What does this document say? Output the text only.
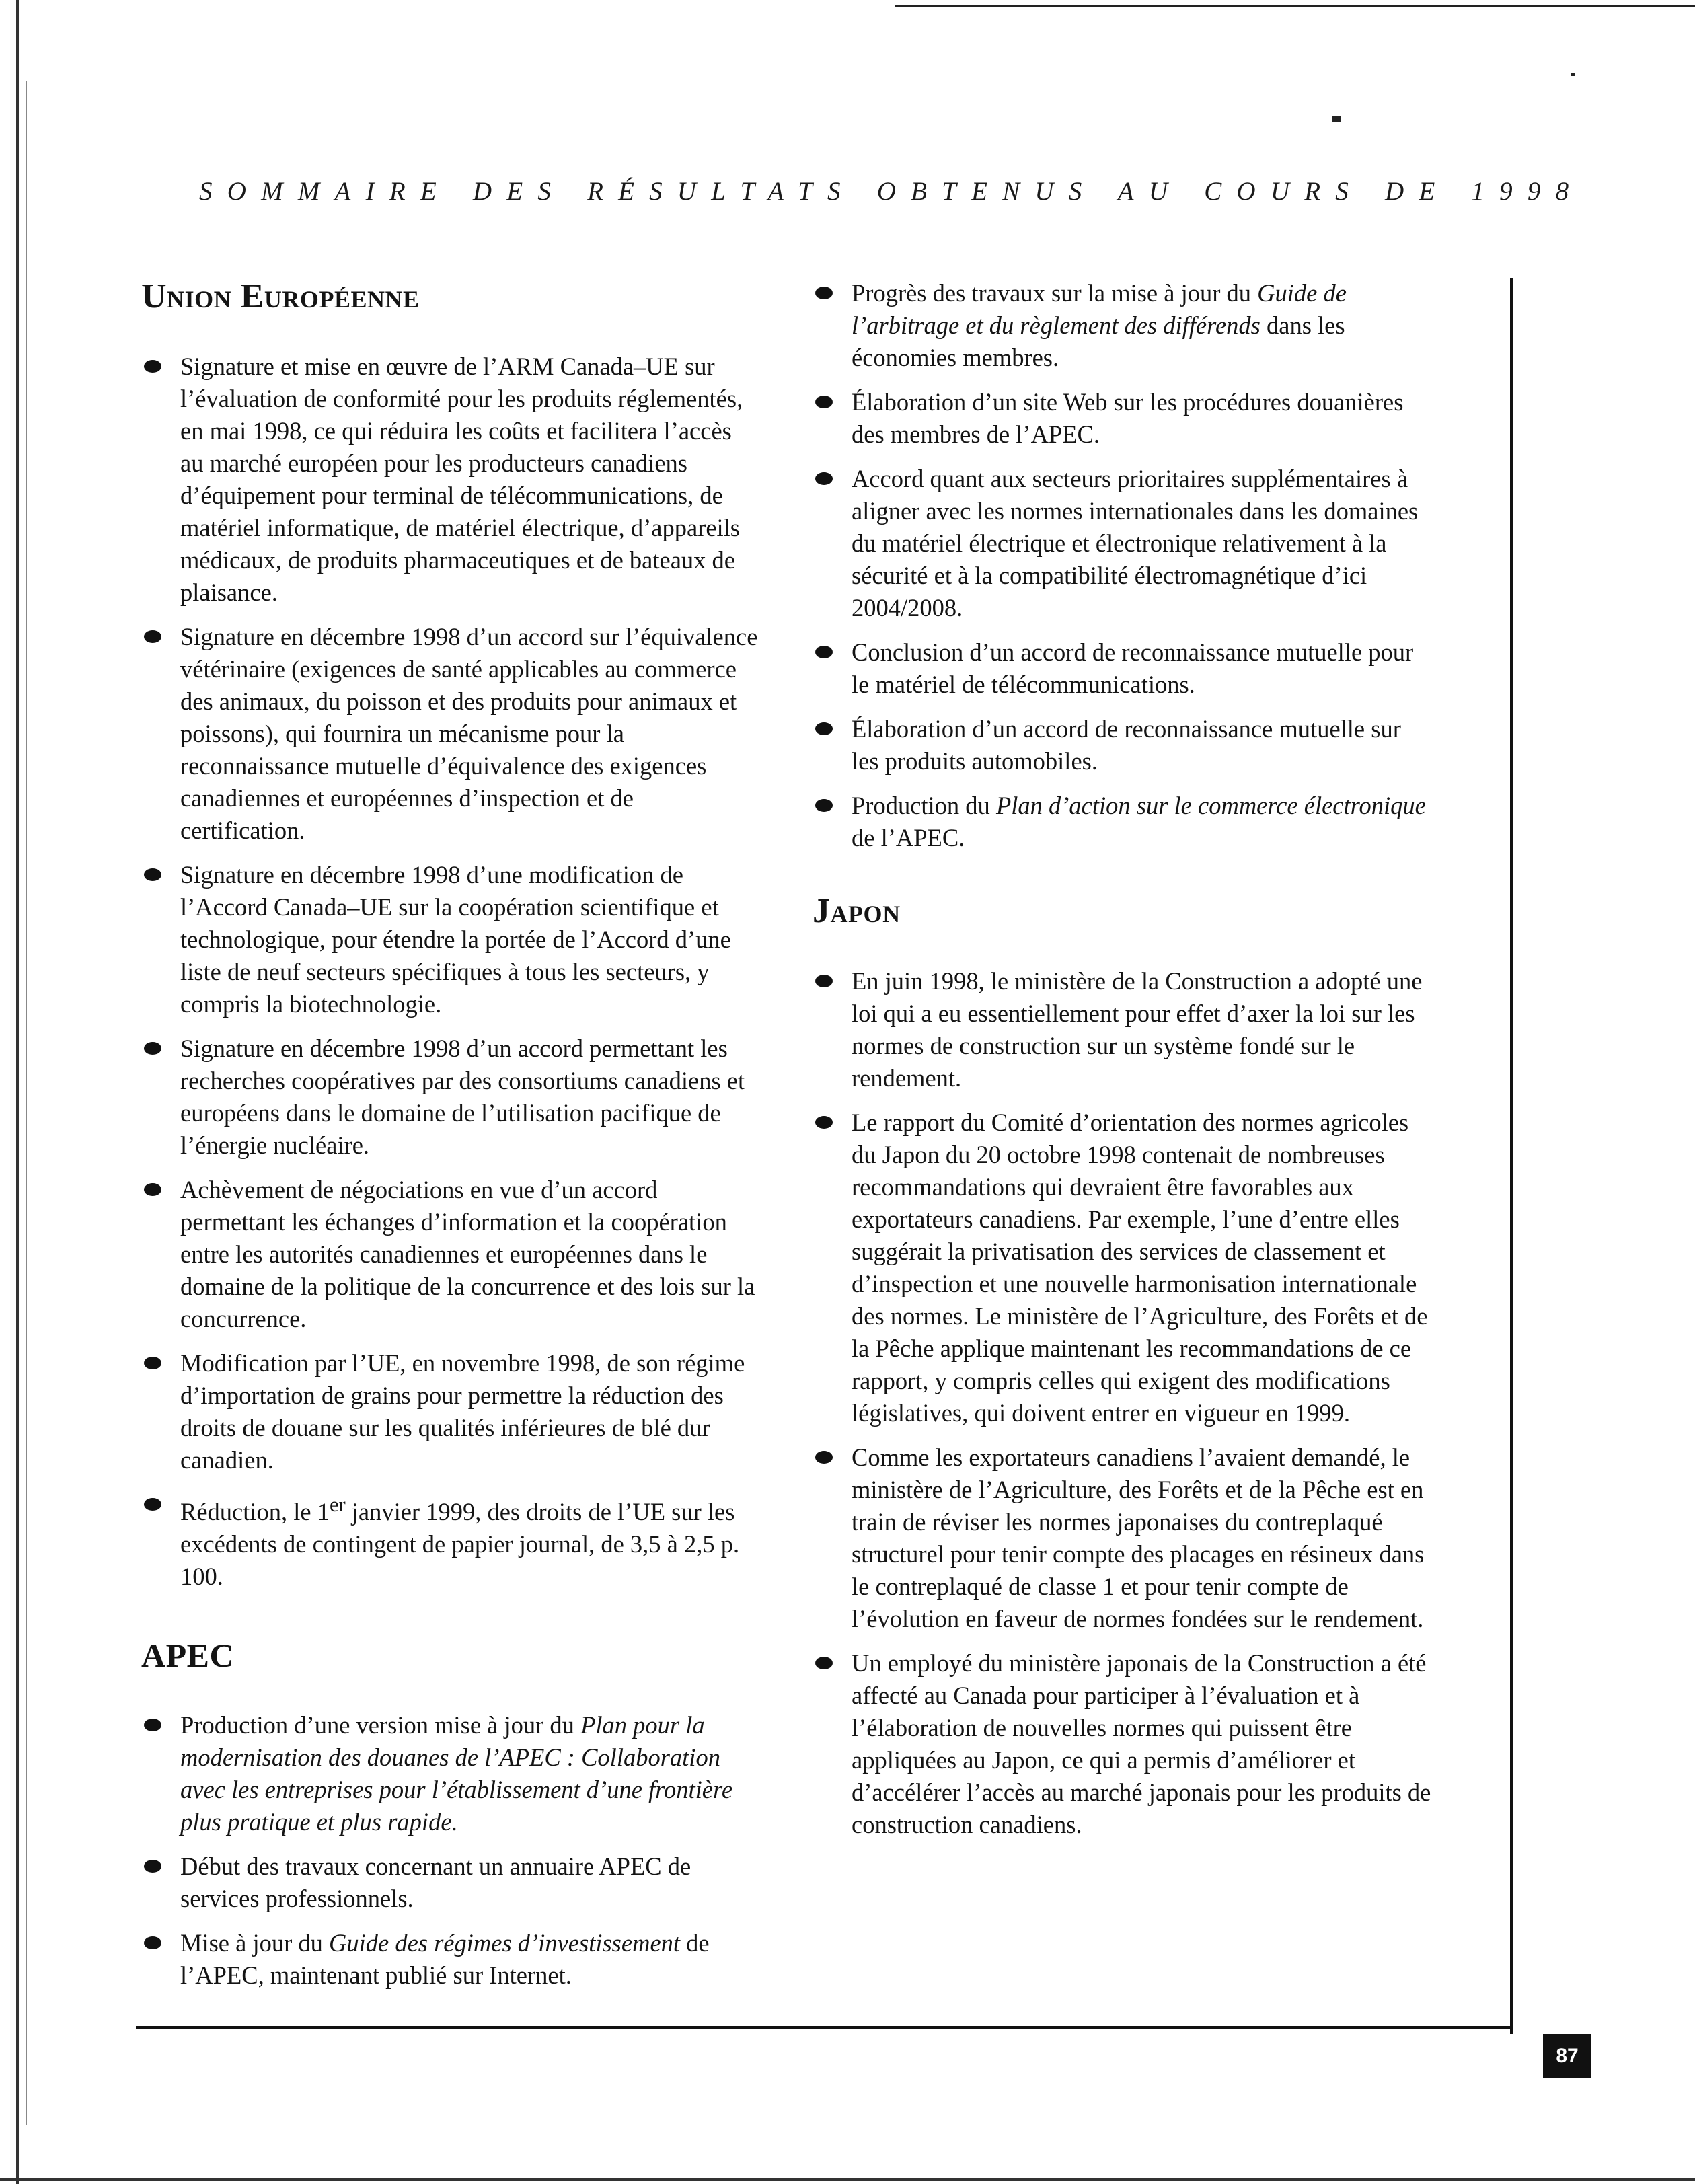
SOMMAIRE DES RÉSULTATS OBTENUS AU COURS DE 1998
Union Européenne
Signature et mise en œuvre de l’ARM Canada–UE sur l’évaluation de conformité pour les produits réglementés, en mai 1998, ce qui réduira les coûts et facilitera l’accès au marché européen pour les producteurs canadiens d’équipement pour terminal de télécommunications, de matériel informatique, de matériel électrique, d’appareils médicaux, de produits pharmaceutiques et de bateaux de plaisance.
Signature en décembre 1998 d’un accord sur l’équivalence vétérinaire (exigences de santé applicables au commerce des animaux, du poisson et des produits pour animaux et poissons), qui fournira un mécanisme pour la reconnaissance mutuelle d’équivalence des exigences canadiennes et européennes d’inspection et de certification.
Signature en décembre 1998 d’une modification de l’Accord Canada–UE sur la coopération scientifique et technologique, pour étendre la portée de l’Accord d’une liste de neuf secteurs spécifiques à tous les secteurs, y compris la biotechnologie.
Signature en décembre 1998 d’un accord permettant les recherches coopératives par des consortiums canadiens et européens dans le domaine de l’utilisation pacifique de l’énergie nucléaire.
Achèvement de négociations en vue d’un accord permettant les échanges d’information et la coopération entre les autorités canadiennes et européennes dans le domaine de la politique de la concurrence et des lois sur la concurrence.
Modification par l’UE, en novembre 1998, de son régime d’importation de grains pour permettre la réduction des droits de douane sur les qualités inférieures de blé dur canadien.
Réduction, le 1er janvier 1999, des droits de l’UE sur les excédents de contingent de papier journal, de 3,5 à 2,5 p. 100.
APEC
Production d’une version mise à jour du Plan pour la modernisation des douanes de l’APEC : Collaboration avec les entreprises pour l’établissement d’une frontière plus pratique et plus rapide.
Début des travaux concernant un annuaire APEC de services professionnels.
Mise à jour du Guide des régimes d’investissement de l’APEC, maintenant publié sur Internet.
Progrès des travaux sur la mise à jour du Guide de l’arbitrage et du règlement des différends dans les économies membres.
Élaboration d’un site Web sur les procédures douanières des membres de l’APEC.
Accord quant aux secteurs prioritaires supplémentaires à aligner avec les normes internationales dans les domaines du matériel électrique et électronique relativement à la sécurité et à la compatibilité électromagnétique d’ici 2004/2008.
Conclusion d’un accord de reconnaissance mutuelle pour le matériel de télécommunications.
Élaboration d’un accord de reconnaissance mutuelle sur les produits automobiles.
Production du Plan d’action sur le commerce électronique de l’APEC.
Japon
En juin 1998, le ministère de la Construction a adopté une loi qui a eu essentiellement pour effet d’axer la loi sur les normes de construction sur un système fondé sur le rendement.
Le rapport du Comité d’orientation des normes agricoles du Japon du 20 octobre 1998 contenait de nombreuses recommandations qui devraient être favorables aux exportateurs canadiens. Par exemple, l’une d’entre elles suggérait la privatisation des services de classement et d’inspection et une nouvelle harmonisation internationale des normes. Le ministère de l’Agriculture, des Forêts et de la Pêche applique maintenant les recommandations de ce rapport, y compris celles qui exigent des modifications législatives, qui doivent entrer en vigueur en 1999.
Comme les exportateurs canadiens l’avaient demandé, le ministère de l’Agriculture, des Forêts et de la Pêche est en train de réviser les normes japonaises du contreplaqué structurel pour tenir compte des placages en résineux dans le contreplaqué de classe 1 et pour tenir compte de l’évolution en faveur de normes fondées sur le rendement.
Un employé du ministère japonais de la Construction a été affecté au Canada pour participer à l’évaluation et à l’élaboration de nouvelles normes qui puissent être appliquées au Japon, ce qui a permis d’améliorer et d’accélérer l’accès au marché japonais pour les produits de construction canadiens.
87
